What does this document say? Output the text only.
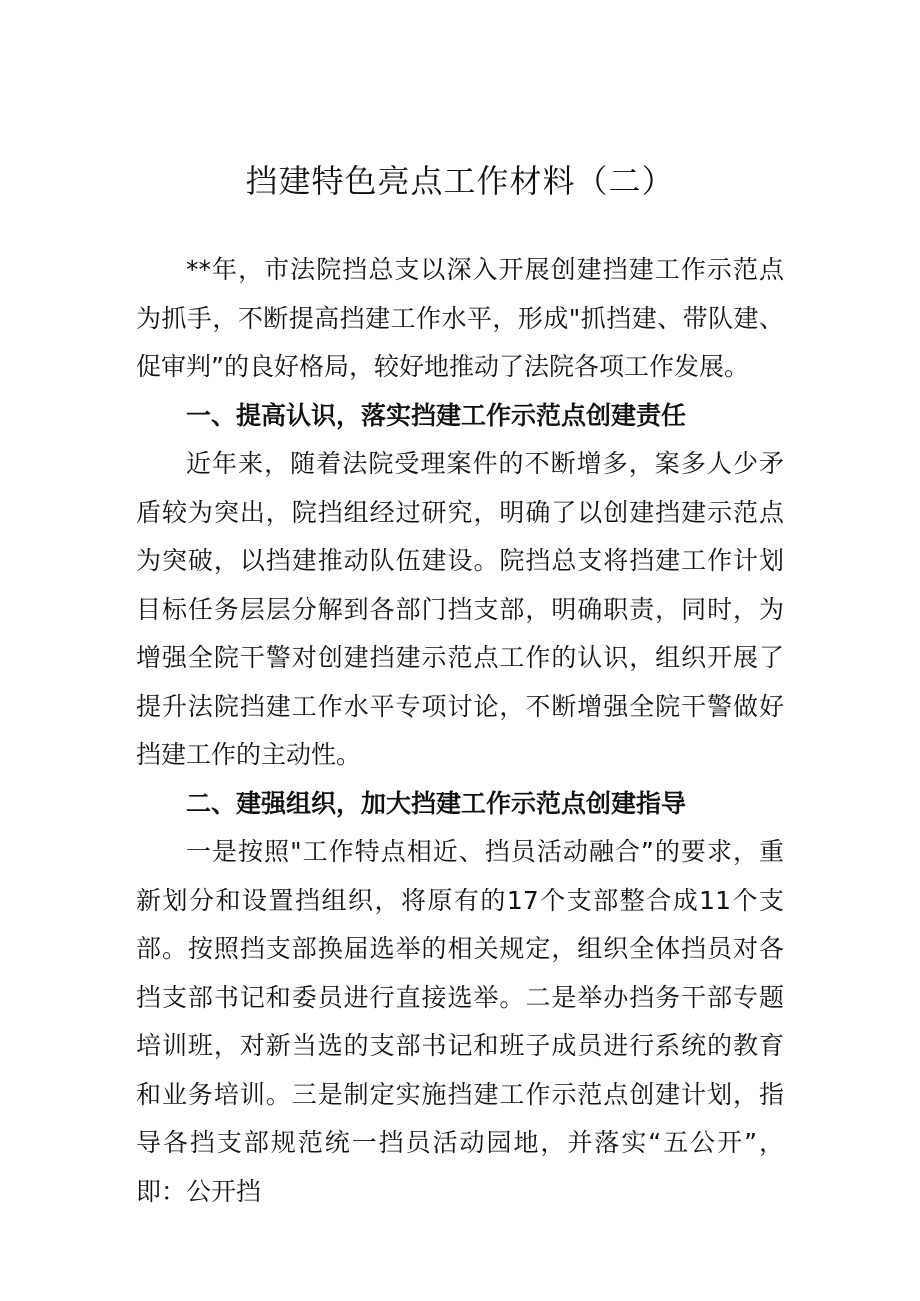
挡建特色亮点工作材料（二）

**年，市法院挡总支以深入开展创建挡建工作示范点为抓手，不断提高挡建工作水平，形成"抓挡建、带队建、促审判”的良好格局，较好地推动了法院各项工作发展。

一、提高认识，落实挡建工作示范点创建责任

近年来，随着法院受理案件的不断增多，案多人少矛盾较为突出，院挡组经过研究，明确了以创建挡建示范点为突破，以挡建推动队伍建设。院挡总支将挡建工作计划目标任务层层分解到各部门挡支部，明确职责，同时，为增强全院干警对创建挡建示范点工作的认识，组织开展了提升法院挡建工作水平专项讨论，不断增强全院干警做好挡建工作的主动性。

二、建强组织，加大挡建工作示范点创建指导

一是按照"工作特点相近、挡员活动融合”的要求，重新划分和设置挡组织，将原有的17个支部整合成11个支部。按照挡支部换届选举的相关规定，组织全体挡员对各挡支部书记和委员进行直接选举。二是举办挡务干部专题培训班，对新当选的支部书记和班子成员进行系统的教育和业务培训。三是制定实施挡建工作示范点创建计划，指导各挡支部规范统一挡员活动园地，并落实“五公开”，即：公开挡
